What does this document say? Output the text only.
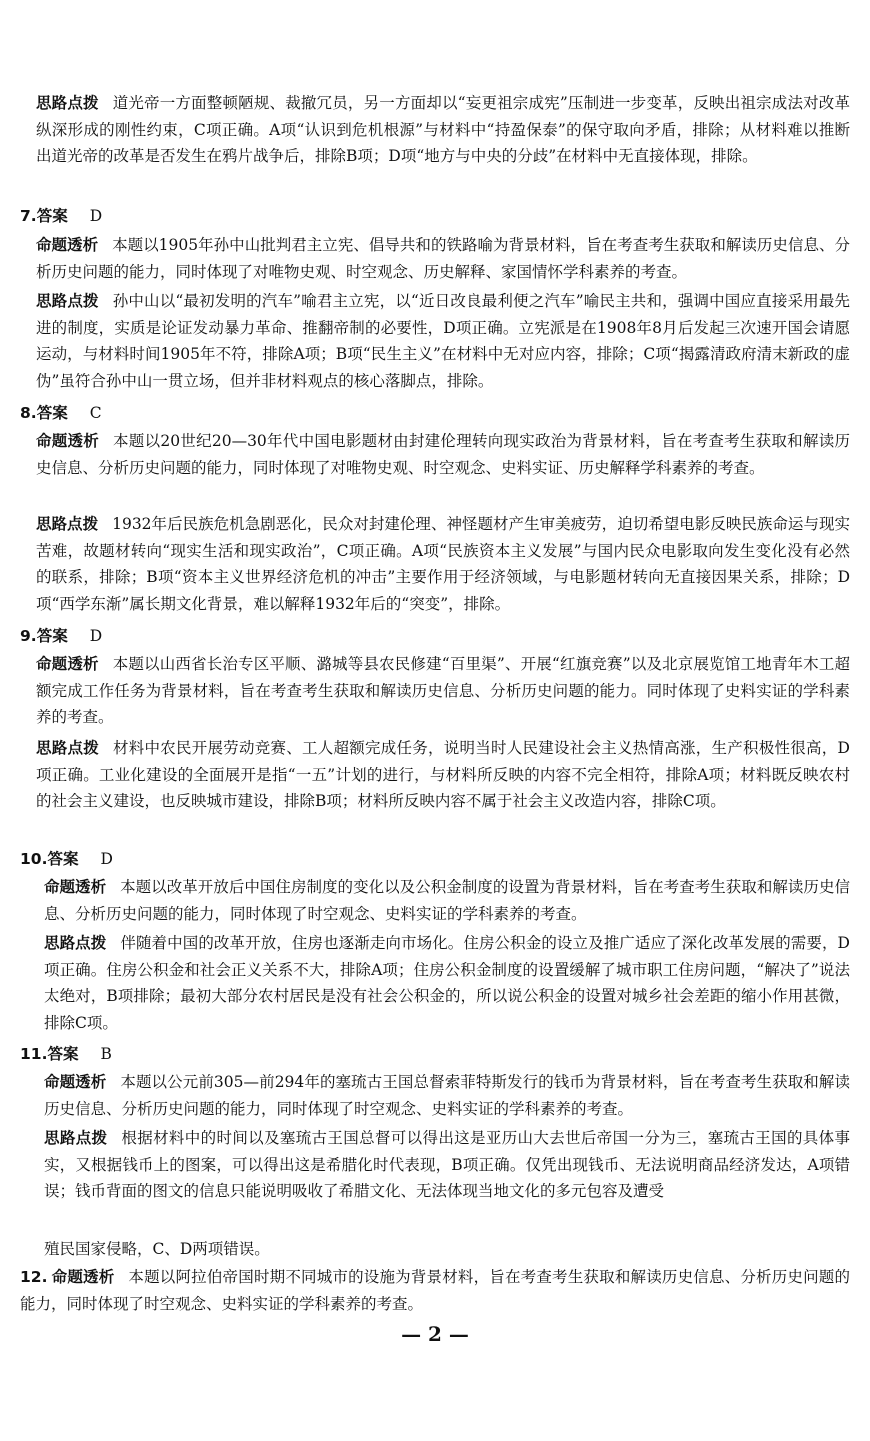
思路点拨 道光帝一方面整顿陋规、裁撤冗员，另一方面却以“妄更祖宗成宪”压制进一步变革，反映出祖宗成法对改革纵深形成的刚性约束，C项正确。A项“认识到危机根源”与材料中“持盈保泰”的保守取向矛盾，排除；从材料难以推断出道光帝的改革是否发生在鸦片战争后，排除B项；D项“地方与中央的分歧”在材料中无直接体现，排除。

7.答案 D

命题透析 本题以1905年孙中山批判君主立宪、倡导共和的铁路喻为背景材料，旨在考查考生获取和解读历史信息、分析历史问题的能力，同时体现了对唯物史观、时空观念、历史解释、家国情怀学科素养的考查。

思路点拨 孙中山以“最初发明的汽车”喻君主立宪，以“近日改良最利便之汽车”喻民主共和，强调中国应直接采用最先进的制度，实质是论证发动暴力革命、推翻帝制的必要性，D项正确。立宪派是在1908年8月后发起三次速开国会请愿运动，与材料时间1905年不符，排除A项；B项“民生主义”在材料中无对应内容，排除；C项“揭露清政府清末新政的虚伪”虽符合孙中山一贯立场，但并非材料观点的核心落脚点，排除。

8.答案 C

命题透析 本题以20世纪20—30年代中国电影题材由封建伦理转向现实政治为背景材料，旨在考查考生获取和解读历史信息、分析历史问题的能力，同时体现了对唯物史观、时空观念、史料实证、历史解释学科素养的考查。

思路点拨 1932年后民族危机急剧恶化，民众对封建伦理、神怪题材产生审美疲劳，迫切希望电影反映民族命运与现实苦难，故题材转向“现实生活和现实政治”，C项正确。A项“民族资本主义发展”与国内民众电影取向发生变化没有必然的联系，排除；B项“资本主义世界经济危机的冲击”主要作用于经济领域，与电影题材转向无直接因果关系，排除；D项“西学东渐”属长期文化背景，难以解释1932年后的“突变”，排除。

9.答案 D

命题透析 本题以山西省长治专区平顺、潞城等县农民修建“百里渠”、开展“红旗竞赛”以及北京展览馆工地青年木工超额完成工作任务为背景材料，旨在考查考生获取和解读历史信息、分析历史问题的能力。同时体现了史料实证的学科素养的考查。

思路点拨 材料中农民开展劳动竞赛、工人超额完成任务，说明当时人民建设社会主义热情高涨，生产积极性很高，D项正确。工业化建设的全面展开是指“一五”计划的进行，与材料所反映的内容不完全相符，排除A项；材料既反映农村的社会主义建设，也反映城市建设，排除B项；材料所反映内容不属于社会主义改造内容，排除C项。

10.答案 D

命题透析 本题以改革开放后中国住房制度的变化以及公积金制度的设置为背景材料，旨在考查考生获取和解读历史信息、分析历史问题的能力，同时体现了时空观念、史料实证的学科素养的考查。

思路点拨 伴随着中国的改革开放，住房也逐渐走向市场化。住房公积金的设立及推广适应了深化改革发展的需要，D项正确。住房公积金和社会正义关系不大，排除A项；住房公积金制度的设置缓解了城市职工住房问题，“解决了”说法太绝对，B项排除；最初大部分农村居民是没有社会公积金的，所以说公积金的设置对城乡社会差距的缩小作用甚微，排除C项。

11.答案 B

命题透析 本题以公元前305—前294年的塞琉古王国总督索菲特斯发行的钱币为背景材料，旨在考查考生获取和解读历史信息、分析历史问题的能力，同时体现了时空观念、史料实证的学科素养的考查。

思路点拨 根据材料中的时间以及塞琉古王国总督可以得出这是亚历山大去世后帝国一分为三，塞琉古王国的具体事实，又根据钱币上的图案，可以得出这是希腊化时代表现，B项正确。仅凭出现钱币、无法说明商品经济发达，A项错误；钱币背面的图文的信息只能说明吸收了希腊文化、无法体现当地文化的多元包容及遭受

殖民国家侵略，C、D两项错误。

12. 命题透析 本题以阿拉伯帝国时期不同城市的设施为背景材料，旨在考查考生获取和解读历史信息、分析历史问题的能力，同时体现了时空观念、史料实证的学科素养的考查。

— 2 —
